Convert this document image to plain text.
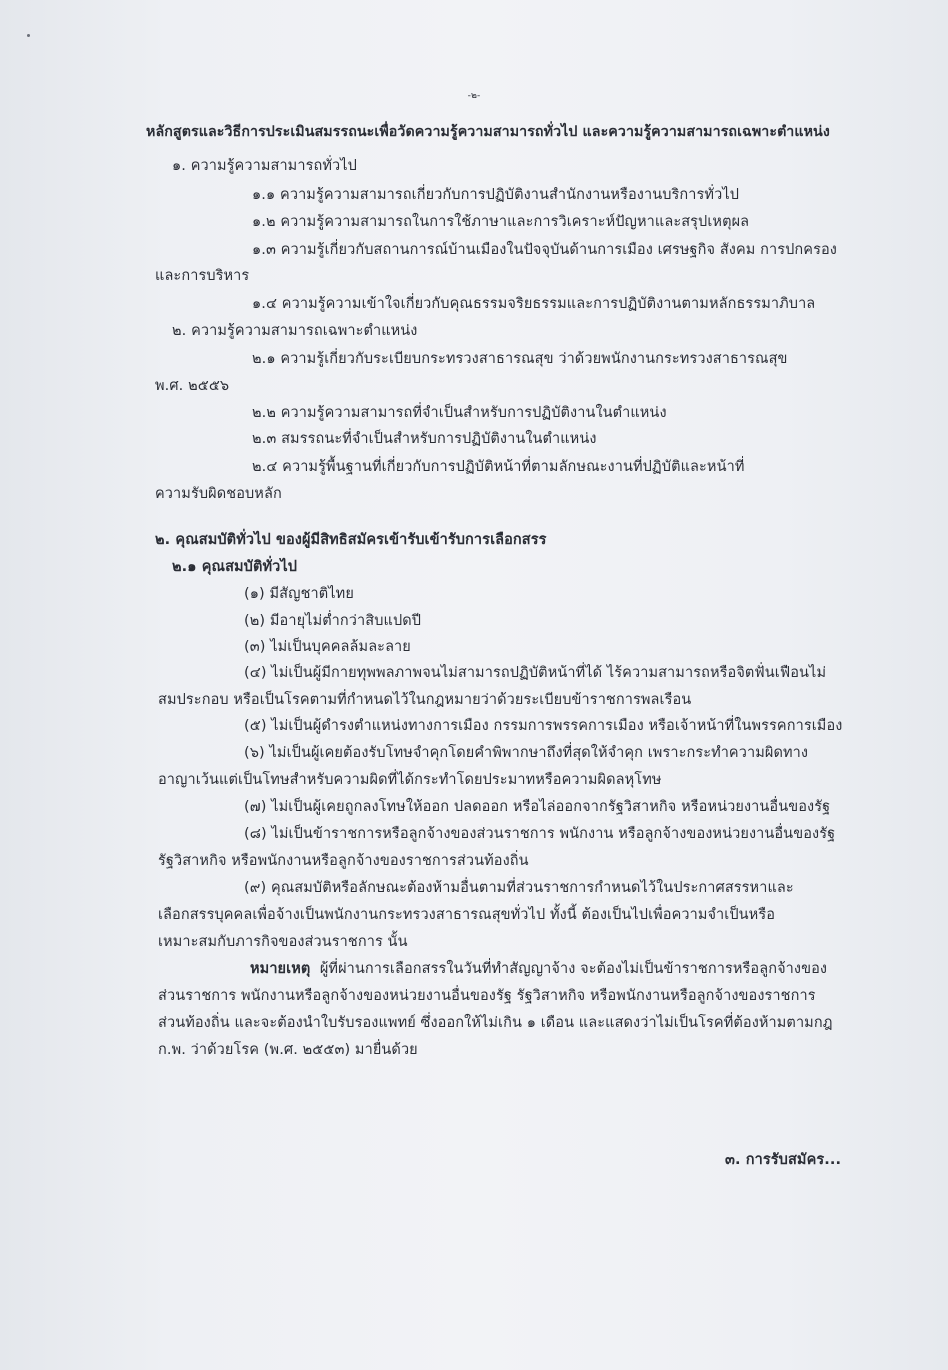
-๒-
หลักสูตรและวิธีการประเมินสมรรถนะเพื่อวัดความรู้ความสามารถทั่วไป และความรู้ความสามารถเฉพาะตำแหน่ง
๑. ความรู้ความสามารถทั่วไป
๑.๑ ความรู้ความสามารถเกี่ยวกับการปฏิบัติงานสำนักงานหรืองานบริการทั่วไป
๑.๒ ความรู้ความสามารถในการใช้ภาษาและการวิเคราะห์ปัญหาและสรุปเหตุผล
๑.๓ ความรู้เกี่ยวกับสถานการณ์บ้านเมืองในปัจจุบันด้านการเมือง เศรษฐกิจ สังคม การปกครอง
และการบริหาร
๑.๔ ความรู้ความเข้าใจเกี่ยวกับคุณธรรมจริยธรรมและการปฏิบัติงานตามหลักธรรมาภิบาล
๒. ความรู้ความสามารถเฉพาะตำแหน่ง
๒.๑ ความรู้เกี่ยวกับระเบียบกระทรวงสาธารณสุข ว่าด้วยพนักงานกระทรวงสาธารณสุข
พ.ศ. ๒๕๕๖
๒.๒ ความรู้ความสามารถที่จำเป็นสำหรับการปฏิบัติงานในตำแหน่ง
๒.๓ สมรรถนะที่จำเป็นสำหรับการปฏิบัติงานในตำแหน่ง
๒.๔ ความรู้พื้นฐานที่เกี่ยวกับการปฏิบัติหน้าที่ตามลักษณะงานที่ปฏิบัติและหน้าที่
ความรับผิดชอบหลัก
๒. คุณสมบัติทั่วไป ของผู้มีสิทธิสมัครเข้ารับเข้ารับการเลือกสรร
๒.๑ คุณสมบัติทั่วไป
(๑) มีสัญชาติไทย
(๒) มีอายุไม่ต่ำกว่าสิบแปดปี
(๓) ไม่เป็นบุคคลล้มละลาย
(๔) ไม่เป็นผู้มีกายทุพพลภาพจนไม่สามารถปฏิบัติหน้าที่ได้ ไร้ความสามารถหรือจิตฟั่นเฟือนไม่
สมประกอบ หรือเป็นโรคตามที่กำหนดไว้ในกฎหมายว่าด้วยระเบียบข้าราชการพลเรือน
(๕) ไม่เป็นผู้ดำรงตำแหน่งทางการเมือง กรรมการพรรคการเมือง หรือเจ้าหน้าที่ในพรรคการเมือง
(๖) ไม่เป็นผู้เคยต้องรับโทษจำคุกโดยคำพิพากษาถึงที่สุดให้จำคุก เพราะกระทำความผิดทาง
อาญาเว้นแต่เป็นโทษสำหรับความผิดที่ได้กระทำโดยประมาทหรือความผิดลหุโทษ
(๗) ไม่เป็นผู้เคยถูกลงโทษให้ออก ปลดออก หรือไล่ออกจากรัฐวิสาหกิจ หรือหน่วยงานอื่นของรัฐ
(๘) ไม่เป็นข้าราชการหรือลูกจ้างของส่วนราชการ พนักงาน หรือลูกจ้างของหน่วยงานอื่นของรัฐ
รัฐวิสาหกิจ หรือพนักงานหรือลูกจ้างของราชการส่วนท้องถิ่น
(๙) คุณสมบัติหรือลักษณะต้องห้ามอื่นตามที่ส่วนราชการกำหนดไว้ในประกาศสรรหาและ
เลือกสรรบุคคลเพื่อจ้างเป็นพนักงานกระทรวงสาธารณสุขทั่วไป ทั้งนี้ ต้องเป็นไปเพื่อความจำเป็นหรือ
เหมาะสมกับภารกิจของส่วนราชการ นั้น
หมายเหตุ ผู้ที่ผ่านการเลือกสรรในวันที่ทำสัญญาจ้าง จะต้องไม่เป็นข้าราชการหรือลูกจ้างของ
ส่วนราชการ พนักงานหรือลูกจ้างของหน่วยงานอื่นของรัฐ รัฐวิสาหกิจ หรือพนักงานหรือลูกจ้างของราชการ
ส่วนท้องถิ่น และจะต้องนำใบรับรองแพทย์ ซึ่งออกให้ไม่เกิน ๑ เดือน และแสดงว่าไม่เป็นโรคที่ต้องห้ามตามกฎ
ก.พ. ว่าด้วยโรค (พ.ศ. ๒๕๕๓) มายื่นด้วย
๓. การรับสมัคร...
